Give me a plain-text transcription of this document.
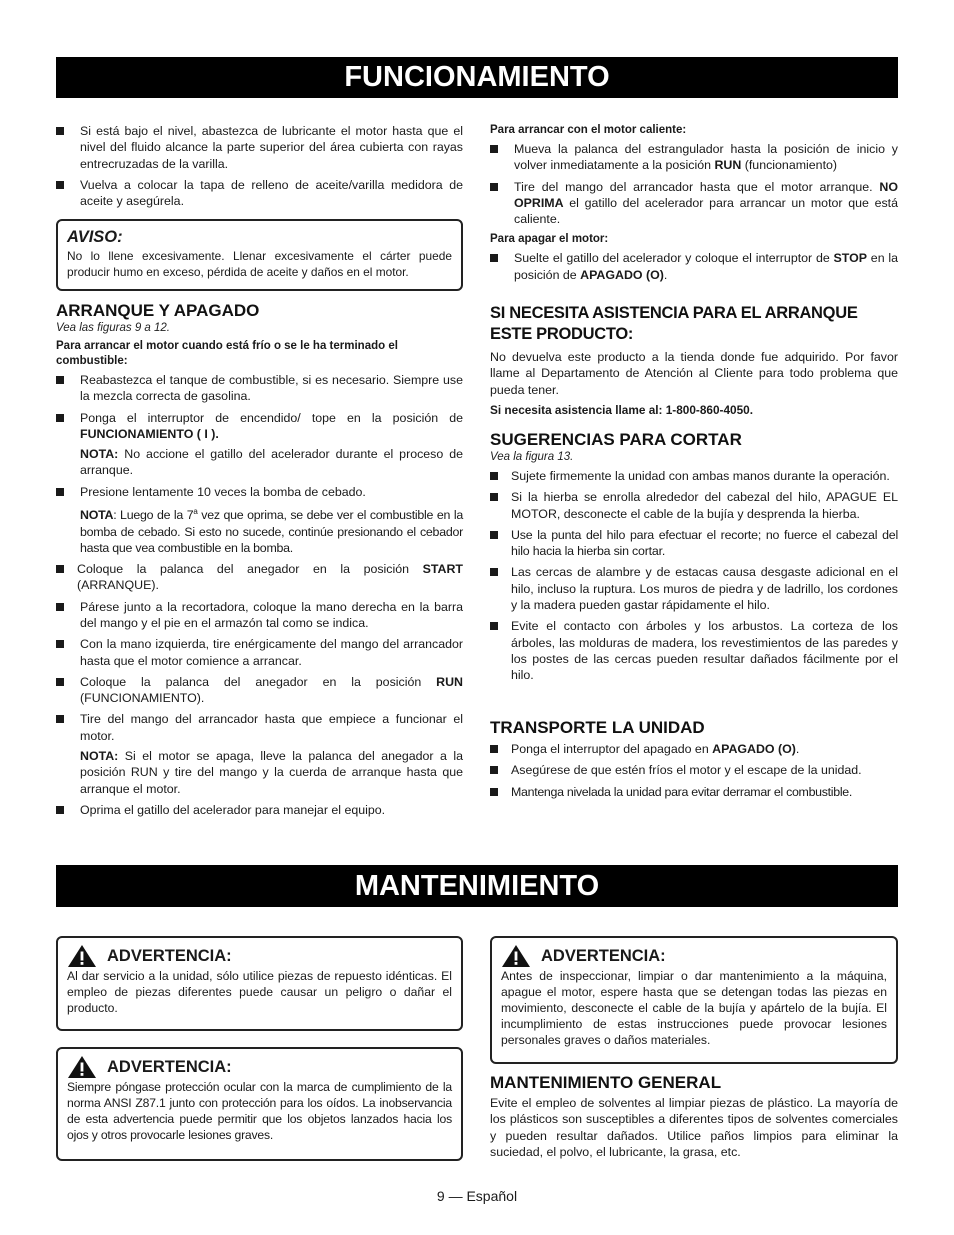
FUNCIONAMIENTO
Si está bajo el nivel, abastezca de lubricante el motor hasta que el nivel del fluido alcance la parte superior del área cubierta con rayas entrecruzadas de la varilla.
Vuelva a colocar la tapa de relleno de aceite/varilla medidora de aceite y asegúrela.
AVISO:

No lo llene excesivamente. Llenar excesivamente el cárter puede producir humo en exceso, pérdida de aceite y daños en el motor.

ARRANQUE Y APAGADO
Vea las figuras 9 a 12.
Para arrancar el motor cuando está frío o se le ha terminado el combustible:
Reabastezca el tanque de combustible, si es necesario. Siempre use la mezcla correcta de gasolina.
Ponga el interruptor de encendido/ tope en la posición de FUNCIONAMIENTO ( I ).
NOTA: No accione el gatillo del acelerador durante el proceso de arranque.
Presione lentamente 10 veces la bomba de cebado.
NOTA: Luego de la 7$^a$ vez que oprima, se debe ver el combustible en la bomba de cebado. Si esto no sucede, continúe presionando el cebador hasta que vea combustible en la bomba.
Coloque la palanca del anegador en la posición START (ARRANQUE).
Párese junto a la recortadora, coloque la mano derecha en la barra del mango y el pie en el armazón tal como se indica.
Con la mano izquierda, tire enérgicamente del mango del arrancador hasta que el motor comience a arrancar.
Coloque la palanca del anegador en la posición RUN (FUNCIONAMIENTO).
Tire del mango del arrancador hasta que empiece a funcionar el motor.
NOTA: Si el motor se apaga, lleve la palanca del anegador a la posición RUN y tire del mango y la cuerda de arranque hasta que arranque el motor.
Oprima el gatillo del acelerador para manejar el equipo.
Para arrancar con el motor caliente:
Mueva la palanca del estrangulador hasta la posición de inicio y volver inmediatamente a la posición RUN (funcionamiento)
Tire del mango del arrancador hasta que el motor arranque. NO OPRIMA el gatillo del acelerador para arrancar un motor que está caliente.
Para apagar el motor:
Suelte el gatillo del acelerador y coloque el interruptor de STOP en la posición de APAGADO (O).
SI NECESITA ASISTENCIA PARA EL ARRANQUE ESTE PRODUCTO:

No devuelva este producto a la tienda donde fue adquirido. Por favor llame al Departamento de Atención al Cliente para todo problema que pueda tener.

Si necesita asistencia llame al: 1-800-860-4050.

SUGERENCIAS PARA CORTAR
Vea la figura 13.
Sujete firmemente la unidad con ambas manos durante la operación.
Si la hierba se enrolla alrededor del cabezal del hilo, APAGUE EL MOTOR, desconecte el cable de la bujía y desprenda la hierba.
Use la punta del hilo para efectuar el recorte; no fuerce el cabezal del hilo hacia la hierba sin cortar.
Las cercas de alambre y de estacas causa desgaste adicional en el hilo, incluso la ruptura. Los muros de piedra y de ladrillo, los cordones y la madera pueden gastar rápidamente el hilo.
Evite el contacto con árboles y los arbustos. La corteza de los árboles, las molduras de madera, los revestimientos de las paredes y los postes de las cercas pueden resultar dañados fácilmente por el hilo.
TRANSPORTE LA UNIDAD
Ponga el interruptor del apagado en APAGADO (O).
Asegúrese de que estén fríos el motor y el escape de la unidad.
Mantenga nivelada la unidad para evitar derramar el combustible.
MANTENIMIENTO
ADVERTENCIA:

Al dar servicio a la unidad, sólo utilice piezas de repuesto idénticas. El empleo de piezas diferentes puede causar un peligro o dañar el producto.

ADVERTENCIA:

Siempre póngase protección ocular con la marca de cumplimiento de la norma ANSI Z87.1 junto con protección para los oídos. La inobservancia de esta advertencia puede permitir que los objetos lanzados hacia los ojos y otros provocarle lesiones graves.

ADVERTENCIA:

Antes de inspeccionar, limpiar o dar mantenimiento a la máquina, apague el motor, espere hasta que se detengan todas las piezas en movimiento, desconecte el cable de la bujía y apártelo de la bujía. El incumplimiento de estas instrucciones puede provocar lesiones personales graves o daños materiales.

MANTENIMIENTO GENERAL

Evite el empleo de solventes al limpiar piezas de plástico. La mayoría de los plásticos son susceptibles a diferentes tipos de solventes comerciales y pueden resultar dañados. Utilice paños limpios para eliminar la suciedad, el polvo, el lubricante, la grasa, etc.

9 — Español
